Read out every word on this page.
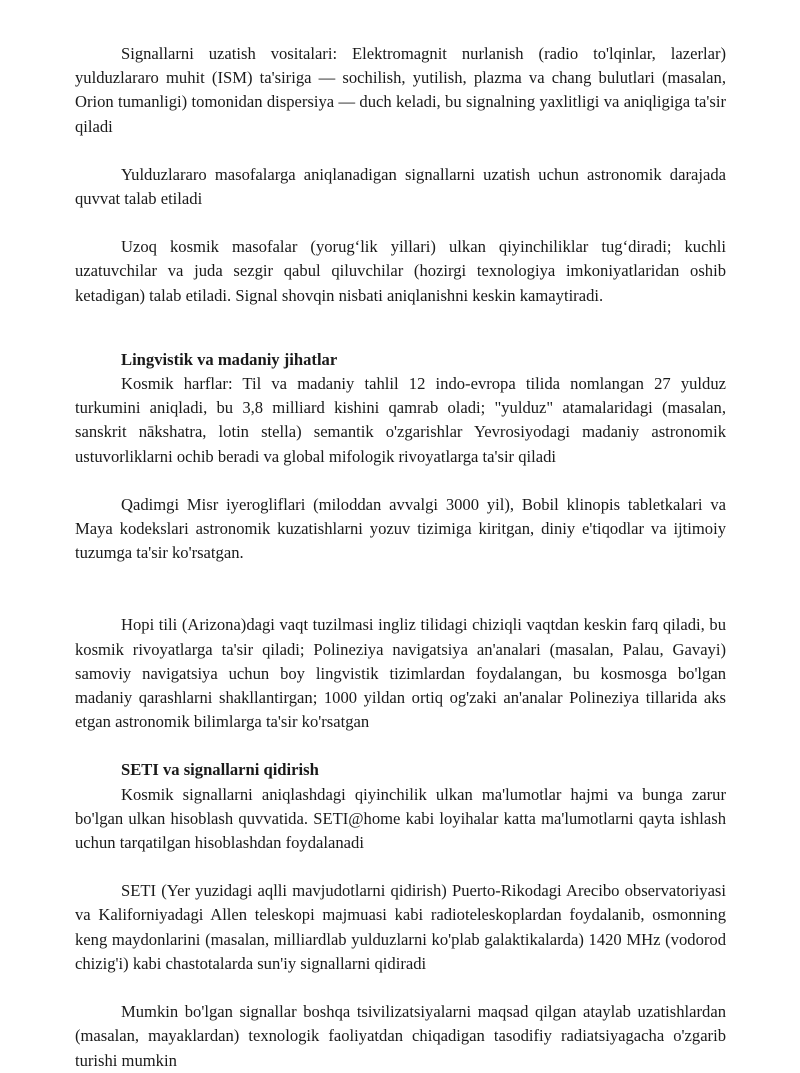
Signallarni uzatish vositalari: Elektromagnit nurlanish (radio to'lqinlar, lazerlar) yulduzlararo muhit (ISM) ta'siriga — sochilish, yutilish, plazma va chang bulutlari (masalan, Orion tumanligi) tomonidan dispersiya — duch keladi, bu signalning yaxlitligi va aniqligiga ta'sir qiladi

Yulduzlararo masofalarga aniqlanadigan signallarni uzatish uchun astronomik darajada quvvat talab etiladi

Uzoq kosmik masofalar (yorug‘lik yillari) ulkan qiyinchiliklar tug‘diradi; kuchli uzatuvchilar va juda sezgir qabul qiluvchilar (hozirgi texnologiya imkoniyatlaridan oshib ketadigan) talab etiladi. Signal shovqin nisbati aniqlanishni keskin kamaytiradi.

Lingvistik va madaniy jihatlar

Kosmik harflar: Til va madaniy tahlil 12 indo-evropa tilida nomlangan 27 yulduz turkumini aniqladi, bu 3,8 milliard kishini qamrab oladi; "yulduz" atamalaridagi (masalan, sanskrit nākshatra, lotin stella) semantik o'zgarishlar Yevrosiyodagi madaniy astronomik ustuvorliklarni ochib beradi va global mifologik rivoyatlarga ta'sir qiladi

Qadimgi Misr iyerogliflari (miloddan avvalgi 3000 yil), Bobil klinopis tabletkalari va Maya kodekslari astronomik kuzatishlarni yozuv tizimiga kiritgan, diniy e'tiqodlar va ijtimoiy tuzumga ta'sir ko'rsatgan.

Hopi tili (Arizona)dagi vaqt tuzilmasi ingliz tilidagi chiziqli vaqtdan keskin farq qiladi, bu kosmik rivoyatlarga ta'sir qiladi; Polineziya navigatsiya an'analari (masalan, Palau, Gavayi) samoviy navigatsiya uchun boy lingvistik tizimlardan foydalangan, bu kosmosga bo'lgan madaniy qarashlarni shakllantirgan; 1000 yildan ortiq og'zaki an'analar Polineziya tillarida aks etgan astronomik bilimlarga ta'sir ko'rsatgan

SETI va signallarni qidirish

Kosmik signallarni aniqlashdagi qiyinchilik ulkan ma'lumotlar hajmi va bunga zarur bo'lgan ulkan hisoblash quvvatida. SETI@home kabi loyihalar katta ma'lumotlarni qayta ishlash uchun tarqatilgan hisoblashdan foydalanadi

SETI (Yer yuzidagi aqlli mavjudotlarni qidirish) Puerto-Rikodagi Arecibo observatoriyasi va Kaliforniyadagi Allen teleskopi majmuasi kabi radioteleskoplardan foydalanib, osmonning keng maydonlarini (masalan, milliardlab yulduzlarni ko'plab galaktikalarda) 1420 MHz (vodorod chizig'i) kabi chastotalarda sun'iy signallarni qidiradi

Mumkin bo'lgan signallar boshqa tsivilizatsiyalarni maqsad qilgan ataylab uzatishlardan (masalan, mayaklardan) texnologik faoliyatdan chiqadigan tasodifiy radiatsiyagacha o'zgarib turishi mumkin
